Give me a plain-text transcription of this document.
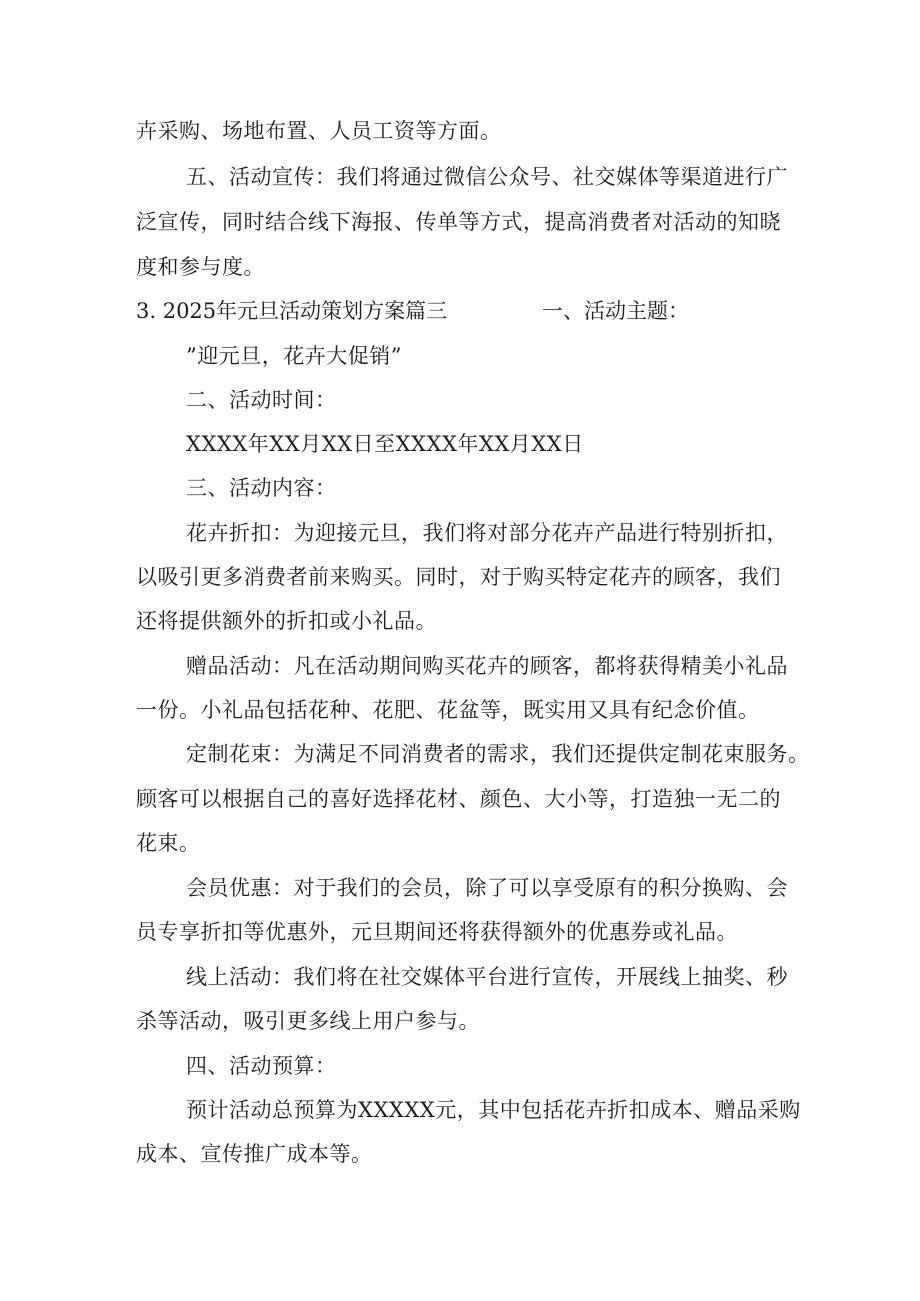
卉采购、场地布置、人员工资等方面。
五、活动宣传：我们将通过微信公众号、社交媒体等渠道进行广
泛宣传，同时结合线下海报、传单等方式，提高消费者对活动的知晓
度和参与度。
3. 2025年元旦活动策划方案篇三	一、活动主题：
”迎元旦，花卉大促销”
二、活动时间：
XXXX年XX月XX日至XXXX年XX月XX日
三、活动内容：
花卉折扣：为迎接元旦，我们将对部分花卉产品进行特别折扣，
以吸引更多消费者前来购买。同时，对于购买特定花卉的顾客，我们
还将提供额外的折扣或小礼品。
赠品活动：凡在活动期间购买花卉的顾客，都将获得精美小礼品
一份。小礼品包括花种、花肥、花盆等，既实用又具有纪念价值。
定制花束：为满足不同消费者的需求，我们还提供定制花束服务。
顾客可以根据自己的喜好选择花材、颜色、大小等，打造独一无二的
花束。
会员优惠：对于我们的会员，除了可以享受原有的积分换购、会
员专享折扣等优惠外，元旦期间还将获得额外的优惠券或礼品。
线上活动：我们将在社交媒体平台进行宣传，开展线上抽奖、秒
杀等活动，吸引更多线上用户参与。
四、活动预算：
预计活动总预算为XXXXX元，其中包括花卉折扣成本、赠品采购
成本、宣传推广成本等。
